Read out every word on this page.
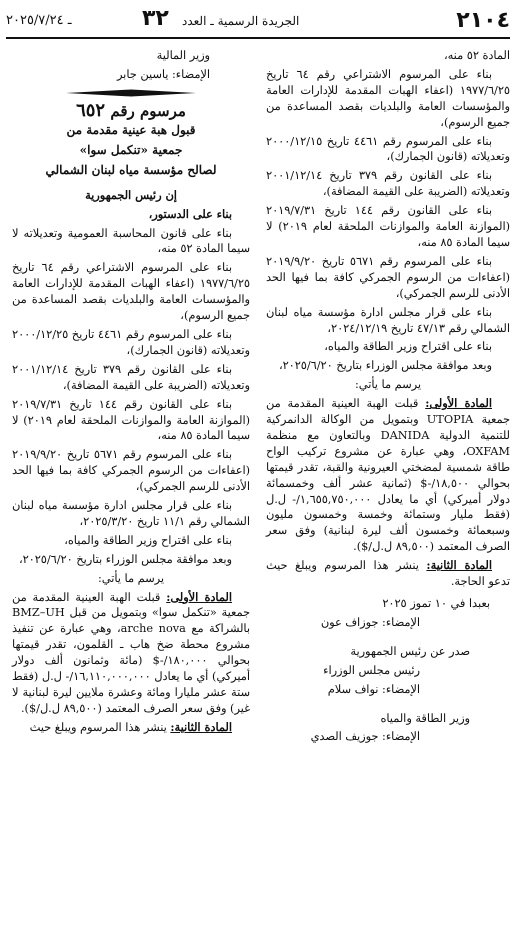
٢١٠٤
الجريدة الرسمية ـ العدد
٣٢
ـ ٢٠٢٥/٧/٢٤

المادة ٥٢ منه،

بناء على المرسوم الاشتراعي رقم ٦٤ تاريخ ١٩٧٧/٦/٢٥ (اعفاء الهبات المقدمة للإدارات العامة والمؤسسات العامة والبلديات بقصد المساعدة من جميع الرسوم)،

بناء على المرسوم رقم ٤٤٦١ تاريخ ٢٠٠٠/١٢/١٥ وتعديلاته (قانون الجمارك)،

بناء على القانون رقم ٣٧٩ تاريخ ٢٠٠١/١٢/١٤ وتعديلاته (الضريبة على القيمة المضافة)،

بناء على القانون رقم ١٤٤ تاريخ ٢٠١٩/٧/٣١ (الموازنة العامة والموازنات الملحقة لعام ٢٠١٩) لا سيما المادة ٨٥ منه،

بناء على المرسوم رقم ٥٦٧١ تاريخ ٢٠١٩/٩/٢٠ (اعفاءات من الرسوم الجمركي كافة بما فيها الحد الأدنى للرسم الجمركي)،

بناء على قرار مجلس ادارة مؤسسة مياه لبنان الشمالي رقم ٤٧/١٣ تاريخ ٢٠٢٤/١٢/١٩،

بناء على اقتراح وزير الطاقة والمياه،

وبعد موافقة مجلس الوزراء بتاريخ ٢٠٢٥/٦/٢٠،

يرسم ما يأتي:

المادة الأولى: قبلت الهبة العينية المقدمة من جمعية UTOPIA وبتمويل من الوكالة الدانمركية للتنمية الدولية DANIDA وبالتعاون مع منظمة OXFAM، وهي عبارة عن مشروع تركيب الواح طاقة شمسية لمضختي العيرونية والقبة، تقدر قيمتها بحوالي ١٨,٥٠٠/-$ (ثمانية عشر ألف وخمسمائة دولار أميركي) أي ما يعادل ١,٦٥٥,٧٥٠,٠٠٠/- ل.ل (فقط مليار وستمائة وخمسة وخمسون مليون وسبعمائة وخمسون ألف ليرة لبنانية) وفق سعر الصرف المعتمد (٨٩,٥٠٠ ل.ل/$).

المادة الثانية: ينشر هذا المرسوم ويبلغ حيث تدعو الحاجة.

بعبدا في ١٠ تموز ٢٠٢٥

الإمضاء: جوزاف عون

صدر عن رئيس الجمهورية

رئيس مجلس الوزراء

الإمضاء: نواف سلام

وزير الطاقة والمياه

الإمضاء: جوزيف الصدي

وزير المالية

الإمضاء: ياسين جابر

مرسوم رقم ٦٥٢

قبول هبة عينية مقدمة من

جمعية «تنكمل سوا»

لصالح مؤسسة مياه لبنان الشمالي

إن رئيس الجمهورية

بناء على الدستور،

بناء على قانون المحاسبة العمومية وتعديلاته لا سيما المادة ٥٢ منه،

بناء على المرسوم الاشتراعي رقم ٦٤ تاريخ ١٩٧٧/٦/٢٥ (اعفاء الهبات المقدمة للإدارات العامة والمؤسسات العامة والبلديات بقصد المساعدة من جميع الرسوم)،

بناء على المرسوم رقم ٤٤٦١ تاريخ ٢٠٠٠/١٢/٢٥ وتعديلاته (قانون الجمارك)،

بناء على القانون رقم ٣٧٩ تاريخ ٢٠٠١/١٢/١٤ وتعديلاته (الضريبة على القيمة المضافة)،

بناء على القانون رقم ١٤٤ تاريخ ٢٠١٩/٧/٣١ (الموازنة العامة والموازنات الملحقة لعام ٢٠١٩) لا سيما المادة ٨٥ منه،

بناء على المرسوم رقم ٥٦٧١ تاريخ ٢٠١٩/٩/٢٠ (اعفاءات من الرسوم الجمركي كافة بما فيها الحد الأدنى للرسم الجمركي)،

بناء على قرار مجلس ادارة مؤسسة مياه لبنان الشمالي رقم ١١/١ تاريخ ٢٠٢٥/٣/٢٠،

بناء على اقتراح وزير الطاقة والمياه،

وبعد موافقة مجلس الوزراء بتاريخ ٢٠٢٥/٦/٢٠،

يرسم ما يأتي:

المادة الأولى: قبلت الهبة العينية المقدمة من جمعية «تنكمل سوا» وبتمويل من قبل BMZ–UH بالشراكة مع arche nova، وهي عبارة عن تنفيذ مشروع محطة ضخ هاب ـ القلمون، تقدر قيمتها بحوالي ١٨٠,٠٠٠/-$ (مائة وثمانون ألف دولار أميركي) أي ما يعادل ١٦,١١٠,٠٠٠,٠٠٠/- ل.ل (فقط ستة عشر مليارا ومائة وعشرة ملايين ليرة لبنانية لا غير) وفق سعر الصرف المعتمد (٨٩,٥٠٠ ل.ل/$).

المادة الثانية: ينشر هذا المرسوم ويبلغ حيث
